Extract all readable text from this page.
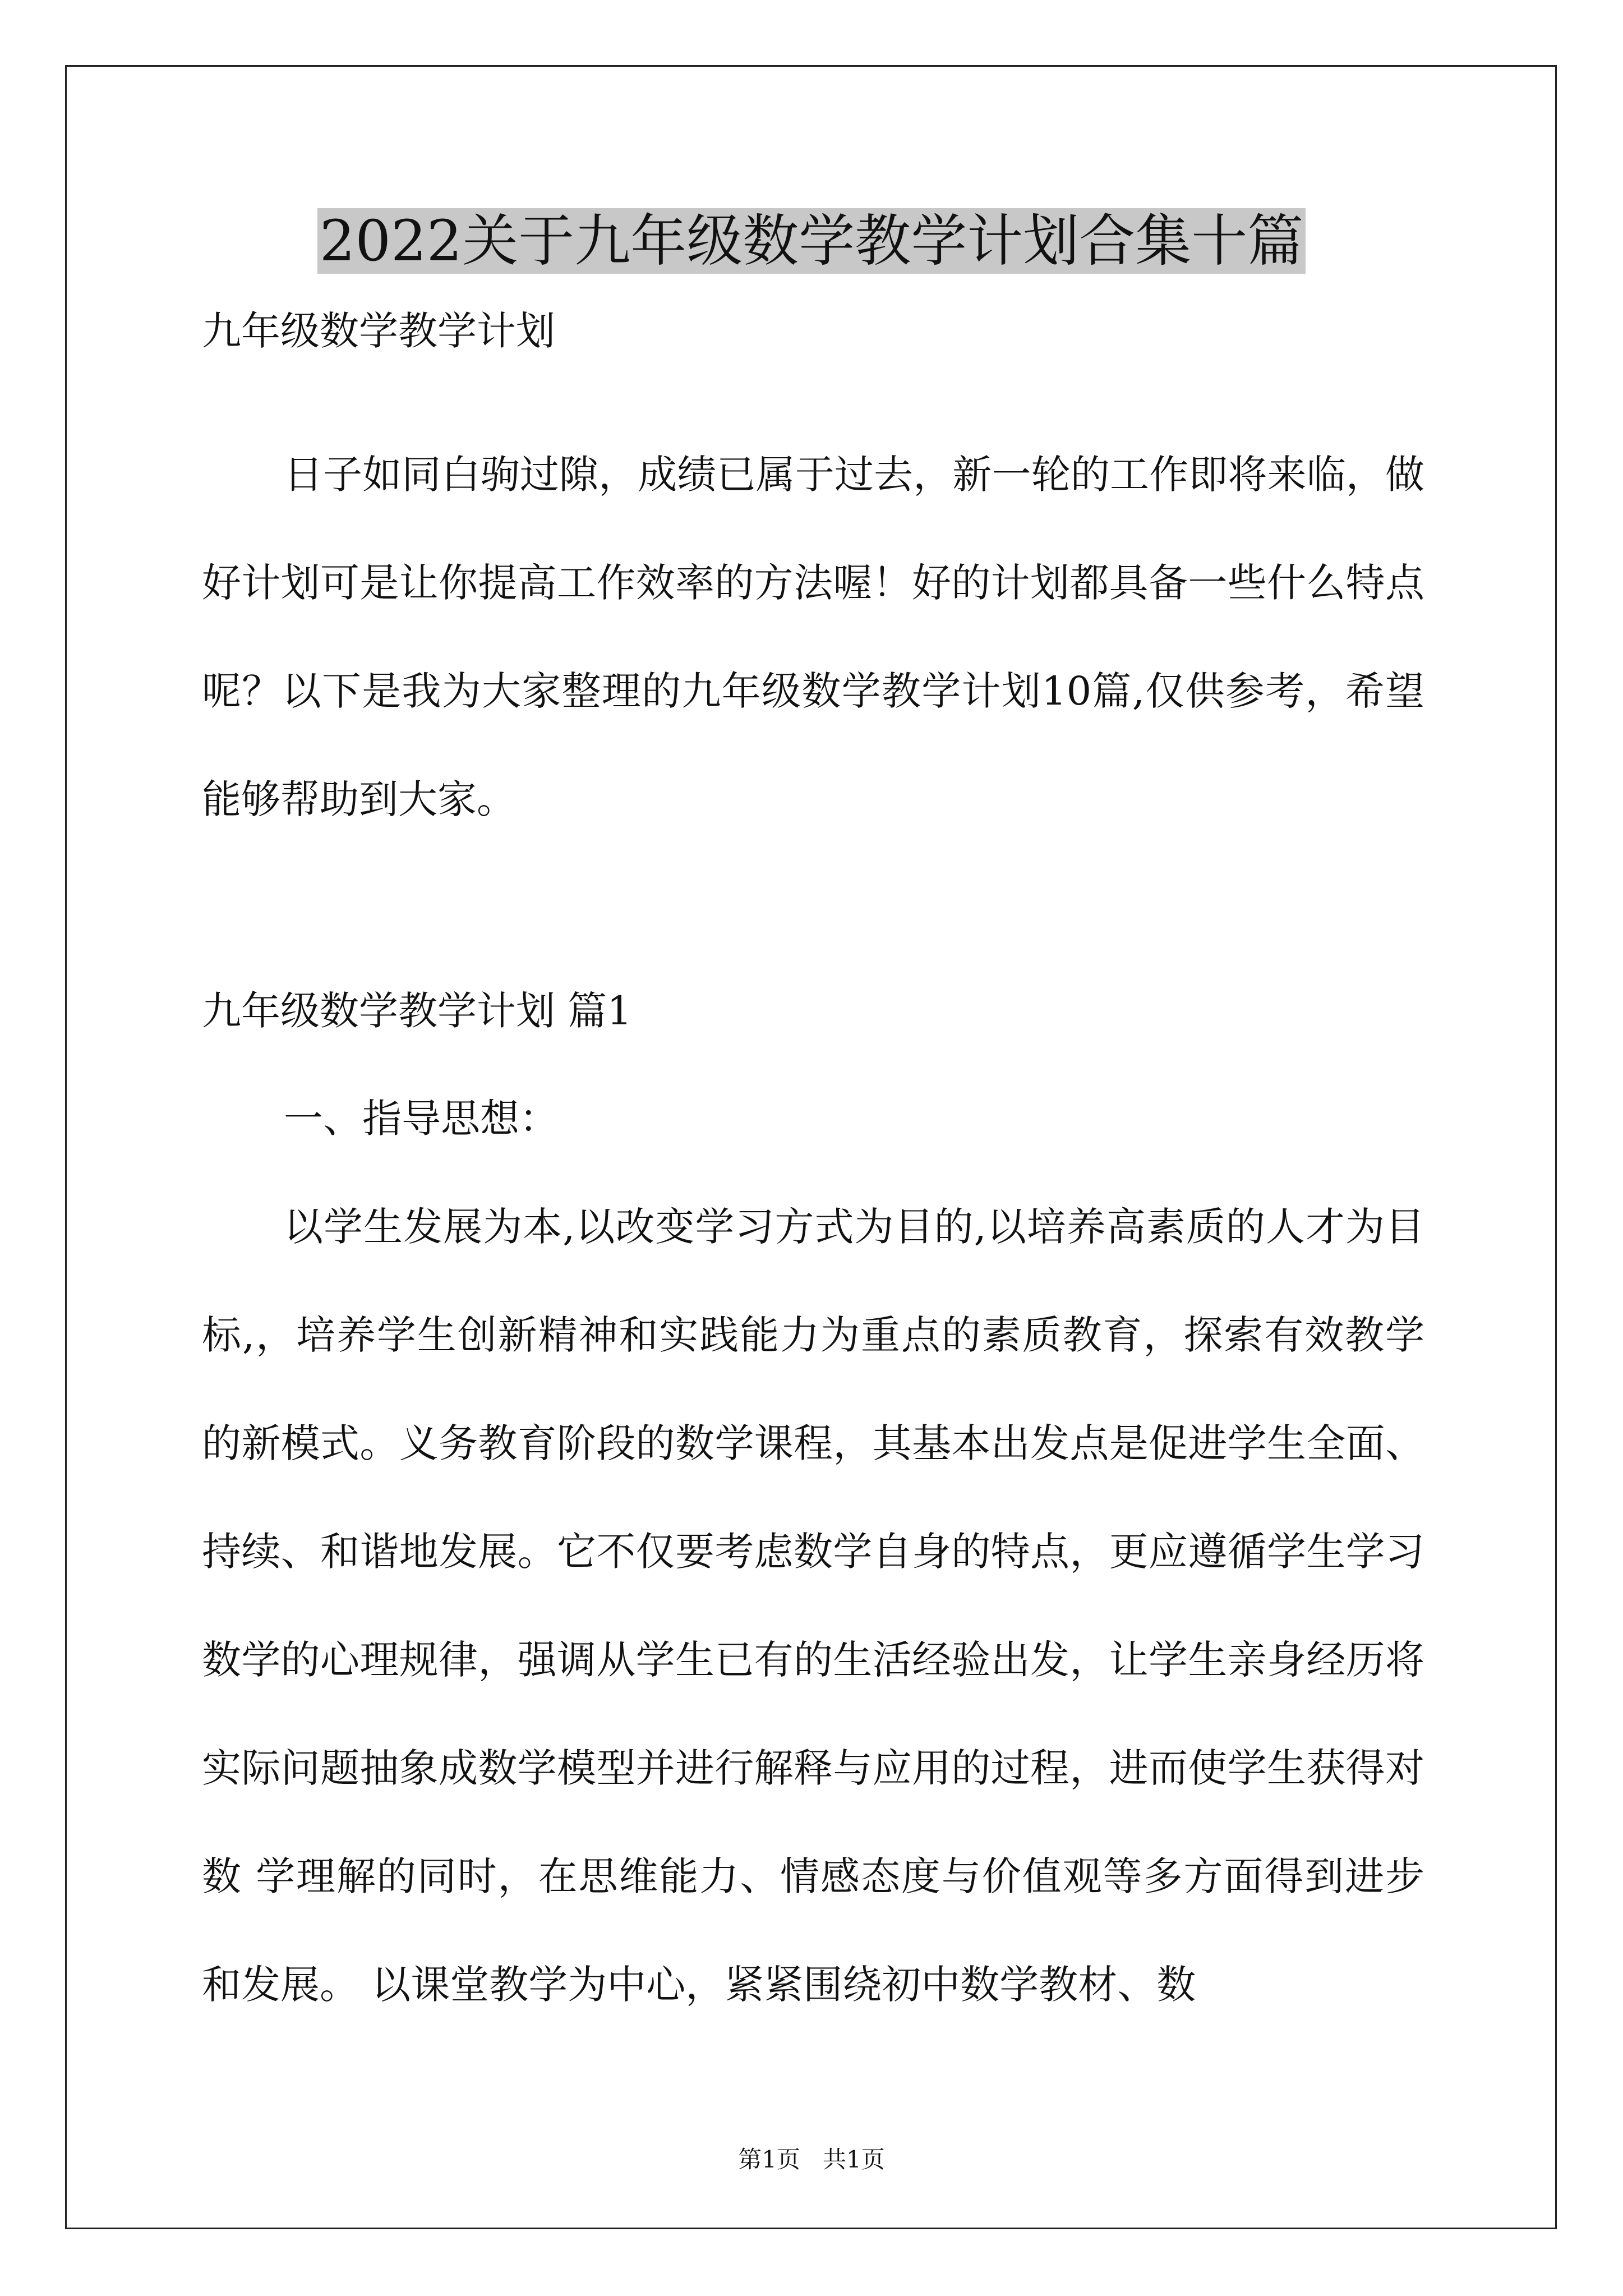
2022关于九年级数学教学计划合集十篇

九年级数学教学计划

日子如同白驹过隙，成绩已属于过去，新一轮的工作即将来临，做好计划可是让你提高工作效率的方法喔！好的计划都具备一些什么特点呢？以下是我为大家整理的九年级数学教学计划10篇,仅供参考，希望能够帮助到大家。

九年级数学教学计划 篇1

一、指导思想：

以学生发展为本,以改变学习方式为目的,以培养高素质的人才为目标,，培养学生创新精神和实践能力为重点的素质教育，探索有效教学的新模式。义务教育阶段的数学课程，其基本出发点是促进学生全面、持续、和谐地发展。它不仅要考虑数学自身的特点，更应遵循学生学习数学的心理规律，强调从学生已有的生活经验出发，让学生亲身经历将实际问题抽象成数学模型并进行解释与应用的过程，进而使学生获得对数 学理解的同时，在思维能力、情感态度与价值观等多方面得到进步和发展。 以课堂教学为中心，紧紧围绕初中数学教材、数

第1页 共1页
